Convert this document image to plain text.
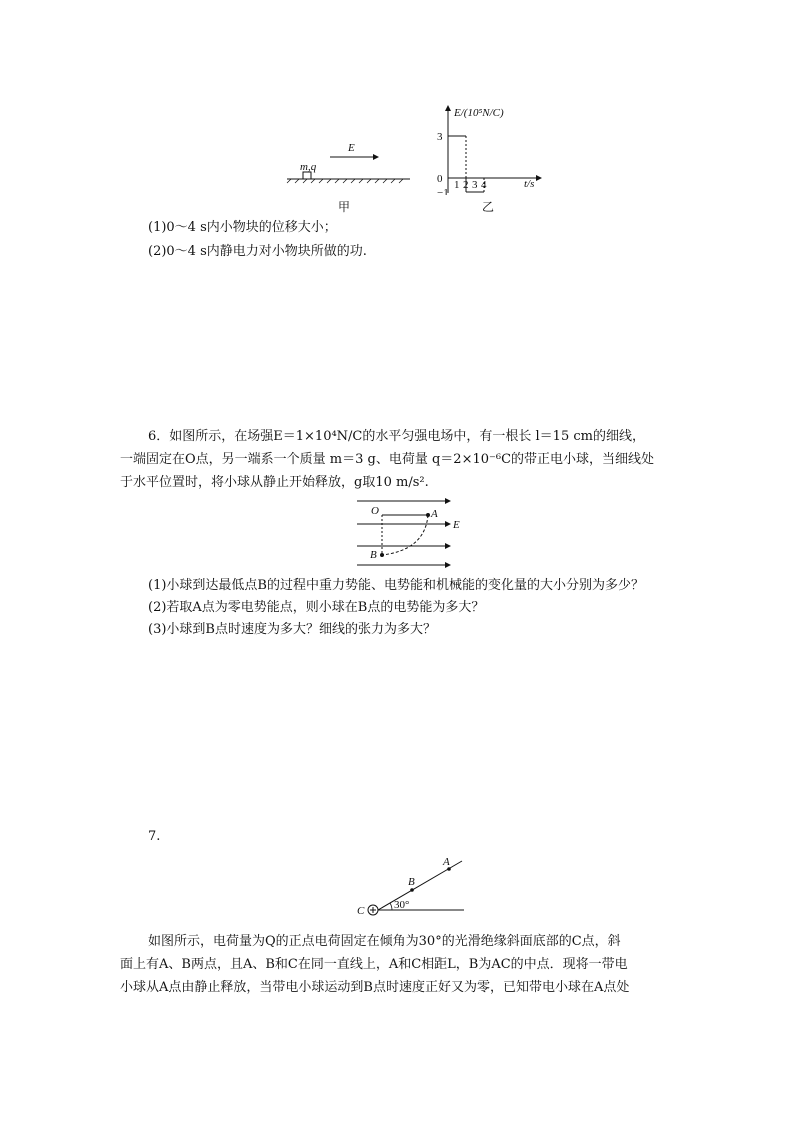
E
m,q
甲
E/(10⁵N/C)
t/s
3
0
−1
1 2 3 4
乙
(1)0～4 s内小物块的位移大小；
(2)0～4 s内静电力对小物块所做的功.
6．如图所示，在场强E＝1×10⁴N/C的水平匀强电场中，有一根长 l＝15 cm的细线，
一端固定在O点，另一端系一个质量 m＝3 g、电荷量 q＝2×10⁻⁶C的带正电小球，当细线处
于水平位置时，将小球从静止开始释放，g取10 m/s².
O	A
B
E
(1)小球到达最低点B的过程中重力势能、电势能和机械能的变化量的大小分别为多少？
(2)若取A点为零电势能点，则小球在B点的电势能为多大？
(3)小球到B点时速度为多大？细线的张力为多大？
7.
C
B
A
30°
如图所示，电荷量为Q的正点电荷固定在倾角为30°的光滑绝缘斜面底部的C点，斜
面上有A、B两点，且A、B和C在同一直线上，A和C相距L，B为AC的中点．现将一带电
小球从A点由静止释放，当带电小球运动到B点时速度正好又为零，已知带电小球在A点处
